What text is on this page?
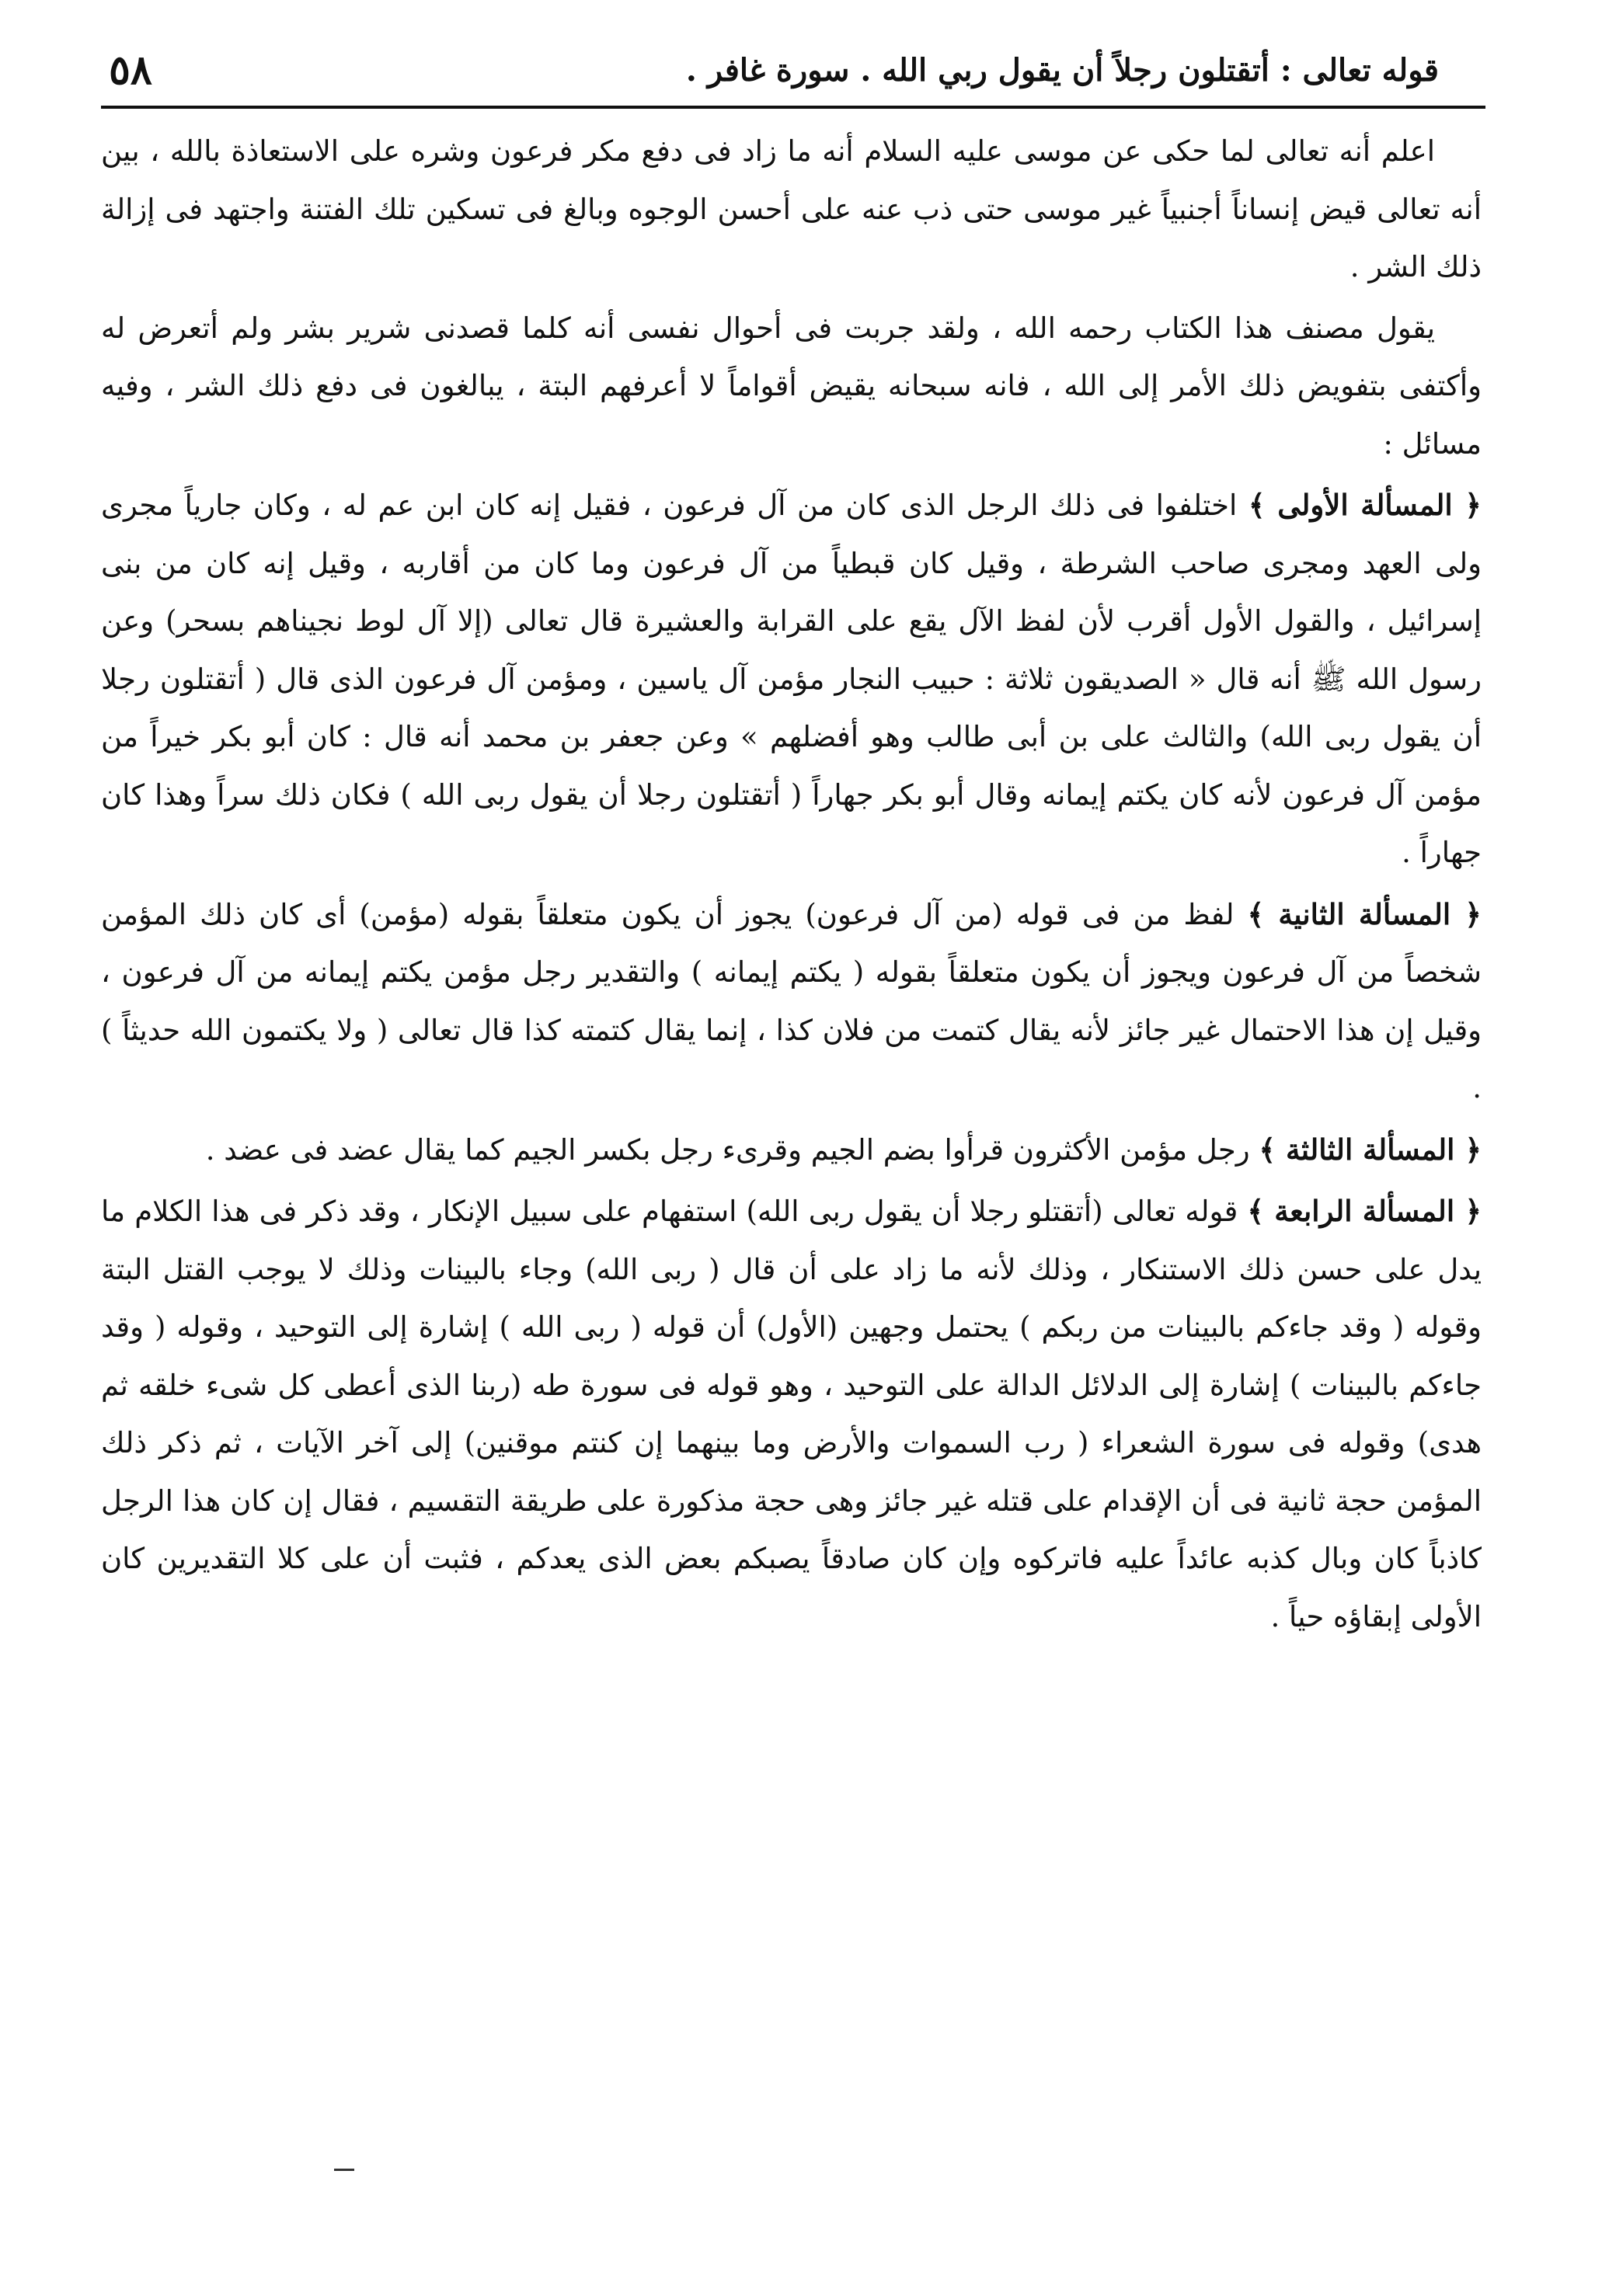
قوله تعالى : أتقتلون رجلاً أن يقول ربي الله . سورة غافر .
٥٨

اعلم أنه تعالى لما حكى عن موسى عليه السلام أنه ما زاد فى دفع مكر فرعون وشره على الاستعاذة بالله ، بين أنه تعالى قيض إنساناً أجنبياً غير موسى حتى ذب عنه على أحسن الوجوه وبالغ فى تسكين تلك الفتنة واجتهد فى إزالة ذلك الشر .

يقول مصنف هذا الكتاب رحمه الله ، ولقد جربت فى أحوال نفسى أنه كلما قصدنى شرير بشر ولم أتعرض له وأكتفى بتفويض ذلك الأمر إلى الله ، فانه سبحانه يقيض أقواماً لا أعرفهم البتة ، يبالغون فى دفع ذلك الشر ، وفيه مسائل :

﴿ المسألة الأولى ﴾ اختلفوا فى ذلك الرجل الذى كان من آل فرعون ، فقيل إنه كان ابن عم له ، وكان جارياً مجرى ولى العهد ومجرى صاحب الشرطة ، وقيل كان قبطياً من آل فرعون وما كان من أقاربه ، وقيل إنه كان من بنى إسرائيل ، والقول الأول أقرب لأن لفظ الآل يقع على القرابة والعشيرة قال تعالى (إلا آل لوط نجيناهم بسحر) وعن رسول الله ﷺ أنه قال « الصديقون ثلاثة : حبيب النجار مؤمن آل ياسين ، ومؤمن آل فرعون الذى قال ( أتقتلون رجلا أن يقول ربى الله) والثالث على بن أبى طالب وهو أفضلهم » وعن جعفر بن محمد أنه قال : كان أبو بكر خيراً من مؤمن آل فرعون لأنه كان يكتم إيمانه وقال أبو بكر جهاراً ( أتقتلون رجلا أن يقول ربى الله ) فكان ذلك سراً وهذا كان جهاراً .

﴿ المسألة الثانية ﴾ لفظ من فى قوله (من آل فرعون) يجوز أن يكون متعلقاً بقوله (مؤمن) أى كان ذلك المؤمن شخصاً من آل فرعون ويجوز أن يكون متعلقاً بقوله ( يكتم إيمانه ) والتقدير رجل مؤمن يكتم إيمانه من آل فرعون ، وقيل إن هذا الاحتمال غير جائز لأنه يقال كتمت من فلان كذا ، إنما يقال كتمته كذا قال تعالى ( ولا يكتمون الله حديثاً ) .

﴿ المسألة الثالثة ﴾ رجل مؤمن الأكثرون قرأوا بضم الجيم وقرىء رجل بكسر الجيم كما يقال عضد فى عضد .

﴿ المسألة الرابعة ﴾ قوله تعالى (أتقتلو رجلا أن يقول ربى الله) استفهام على سبيل الإنكار ، وقد ذكر فى هذا الكلام ما يدل على حسن ذلك الاستنكار ، وذلك لأنه ما زاد على أن قال ( ربى الله) وجاء بالبينات وذلك لا يوجب القتل البتة وقوله ( وقد جاءكم بالبينات من ربكم ) يحتمل وجهين (الأول) أن قوله ( ربى الله ) إشارة إلى التوحيد ، وقوله ( وقد جاءكم بالبينات ) إشارة إلى الدلائل الدالة على التوحيد ، وهو قوله فى سورة طه (ربنا الذى أعطى كل شىء خلقه ثم هدى) وقوله فى سورة الشعراء ( رب السموات والأرض وما بينهما إن كنتم موقنين) إلى آخر الآيات ، ثم ذكر ذلك المؤمن حجة ثانية فى أن الإقدام على قتله غير جائز وهى حجة مذكورة على طريقة التقسيم ، فقال إن كان هذا الرجل كاذباً كان وبال كذبه عائداً عليه فاتركوه وإن كان صادقاً يصبكم بعض الذى يعدكم ، فثبت أن على كلا التقديرين كان الأولى إبقاؤه حياً .
